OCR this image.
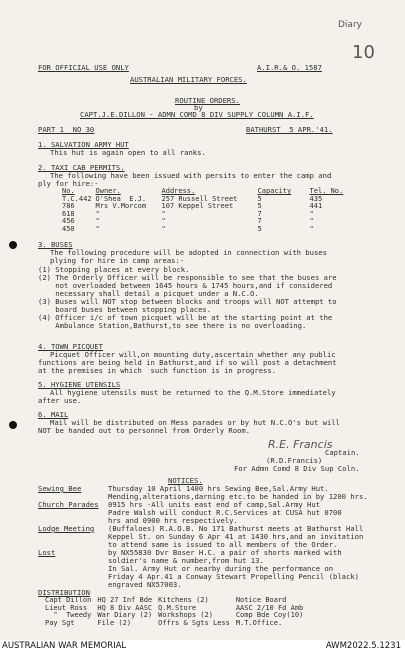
Diary
10
FOR OFFICIAL USE ONLY	A.I.R.& O. 1587
AUSTRALIAN MILITARY FORCES.
ROUTINE ORDERS.
by
CAPT.J.E.DILLON - ADMN COMD 8 DIV SUPPLY COLUMN A.I.F.
PART 1  NO 30	BATHURST  5 APR.'41.
1. SALVATION ARMY HUT
This hut is again open to all ranks.
2. TAXI CAB PERMITS.
The following have been issued with persits to enter the camp and
ply for hire:-
No.	Owner.	Address.	Capacity	Tel. No.
T.C.442	O'Shea  E.J.	257 Russell Street	5	435
786	Mrs V.Morcom	107 Keppel Street	5	441
618	"	"	7	"
456	"	"	7	"
450	"	"	5	"
3. BUSES
The following procedure will be adopted in connection with buses
plying for hire in camp areas:-
(1) Stopping places at every block.
(2) The Orderly Officer will be responsible to see that the buses are
not overloaded between 1645 hours & 1745 hours,and if considered
necessary shall detail a picquet under a N.C.O.
(3) Buses will NOT stop between blocks and troops will NOT attempt to
board buses between stopping places.
(4) Officer i/c of town picquet will be at the starting point at the
Ambulance Station,Bathurst,to see there is no overloading.
4. TOWN PICQUET
Picquet Officer will,on mounting duty,ascertain whether any public
functions are being held in Bathurst,and if so will post a detachment
at the premises in which  such function is in progress.
5. HYGIENE UTENSILS
All hygiene utensils must be returned to the Q.M.Store immediately
after use.
6. MAIL
Mail will be distributed on Mess parades or by hut N.C.O's but will
NOT be handed out to personnel from Orderly Room.
R.E. Francis
Captain.
(R.D.Francis)
For Admn Comd 8 Div Sup Coln.
NOTICES.
Sewing Bee	Thursday 10 April 1400 hrs Sewing Bee,Sal.Army Hut.
Mending,alterations,darning etc.to be handed in by 1200 hrs.
Church Parades 0915 hrs -All units east end of camp,Sal.Army Hut
Padre Walsh will conduct R.C.Services at CUSA hut 0700
hrs and 0900 hrs respectively.
Lodge Meeting (Buffaloes) R.A.O.B. No 171 Bathurst meets at Bathurst Hall
Keppel St. on Sunday 6 Apr 41 at 1430 hrs,and an invitation
to attend same is issued to all members of the Order.
Lost	by NX55830 Dvr Boser H.C. a pair of shorts marked with
soldier's name & number,from hut 13.
In Sal. Army Hut or nearby during the performance on
Friday 4 Apr.41 a Conway Stewart Propelling Pencil (black)
engraved NX57003.
DISTRIBUTION
Capt Dillon	HQ 27 Inf Bde	Kitchens (2)	Notice Board
Lieut Ross	HQ 8 Div AASC	Q.M.Store	AASC 2/10 Fd Amb
"  Tweedy	War Diary (2)	Workshops (2)	Comp Bde Coy(10)
Pay Sgt	File (2)	Offrs & Sgts Less	M.T.Office.
AUSTRALIAN WAR MEMORIAL	AWM2022.5.1231
